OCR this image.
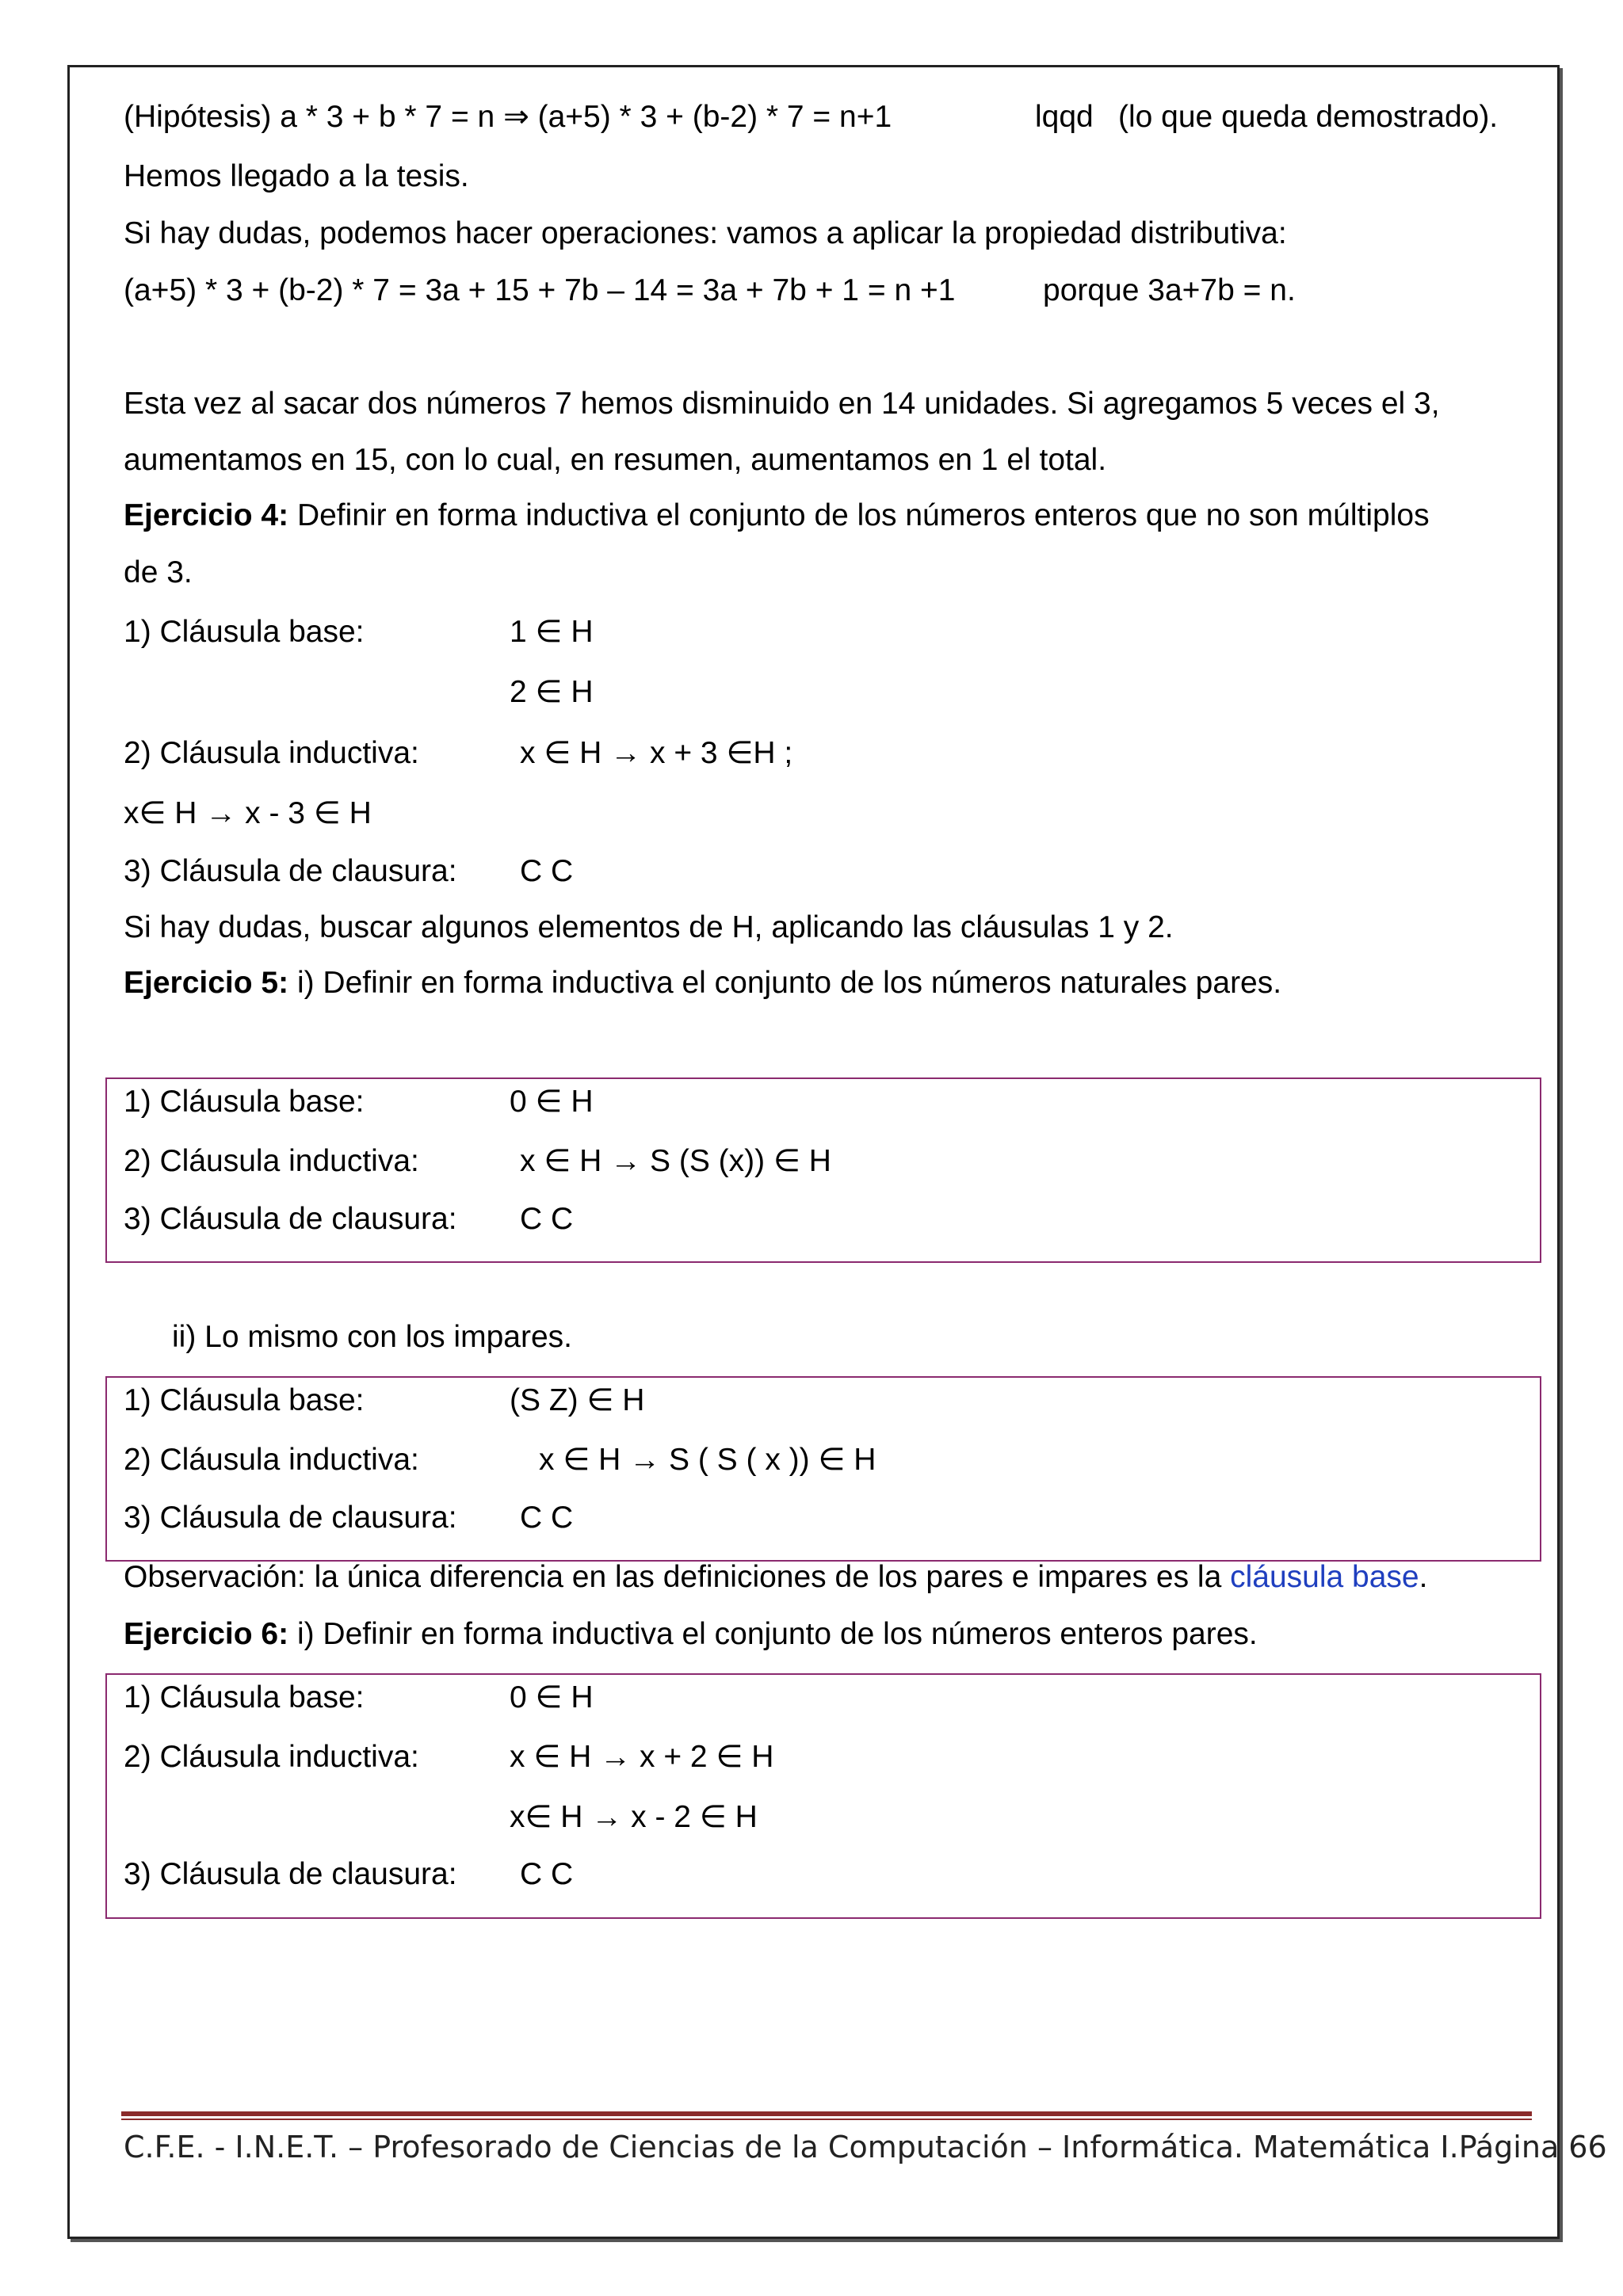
(Hipótesis) a * 3 + b * 7 = n ⇒ (a+5) * 3 + (b-2) * 7 = n+1	lqqd (lo que queda demostrado).
Hemos llegado a la tesis.
Si hay dudas, podemos hacer operaciones: vamos a aplicar la propiedad distributiva:
(a+5) * 3 + (b-2) * 7 = 3a + 15 + 7b – 14 = 3a + 7b + 1 = n +1	porque 3a+7b = n.
Esta vez al sacar dos números 7 hemos disminuido en 14 unidades. Si agregamos 5 veces el 3,
aumentamos en 15, con lo cual, en resumen, aumentamos en 1 el total.
Ejercicio 4: Definir en forma inductiva el conjunto de los números enteros que no son múltiplos
de 3.
1) Cláusula base:	1 ∈ H
2 ∈ H
2) Cláusula inductiva:	x ∈ H → x + 3 ∈H ;
x∈ H → x - 3 ∈ H
3) Cláusula de clausura: C C
Si hay dudas, buscar algunos elementos de H, aplicando las cláusulas 1 y 2.
Ejercicio 5: i) Definir en forma inductiva el conjunto de los números naturales pares.
1) Cláusula base:	0 ∈ H
2) Cláusula inductiva:	x ∈ H → S (S (x)) ∈ H
3) Cláusula de clausura: C C
ii) Lo mismo con los impares.
1) Cláusula base:	(S Z) ∈ H
2) Cláusula inductiva:	x ∈ H → S ( S ( x )) ∈ H
3) Cláusula de clausura: C C
Observación: la única diferencia en las definiciones de los pares e impares es la cláusula base.
Ejercicio 6: i) Definir en forma inductiva el conjunto de los números enteros pares.
1) Cláusula base:	0 ∈ H
2) Cláusula inductiva:	x ∈ H → x + 2 ∈ H
x∈ H → x - 2 ∈ H
3) Cláusula de clausura: C C
C.F.E. - I.N.E.T. – Profesorado de Ciencias de la Computación – Informática. Matemática I. Página 66
